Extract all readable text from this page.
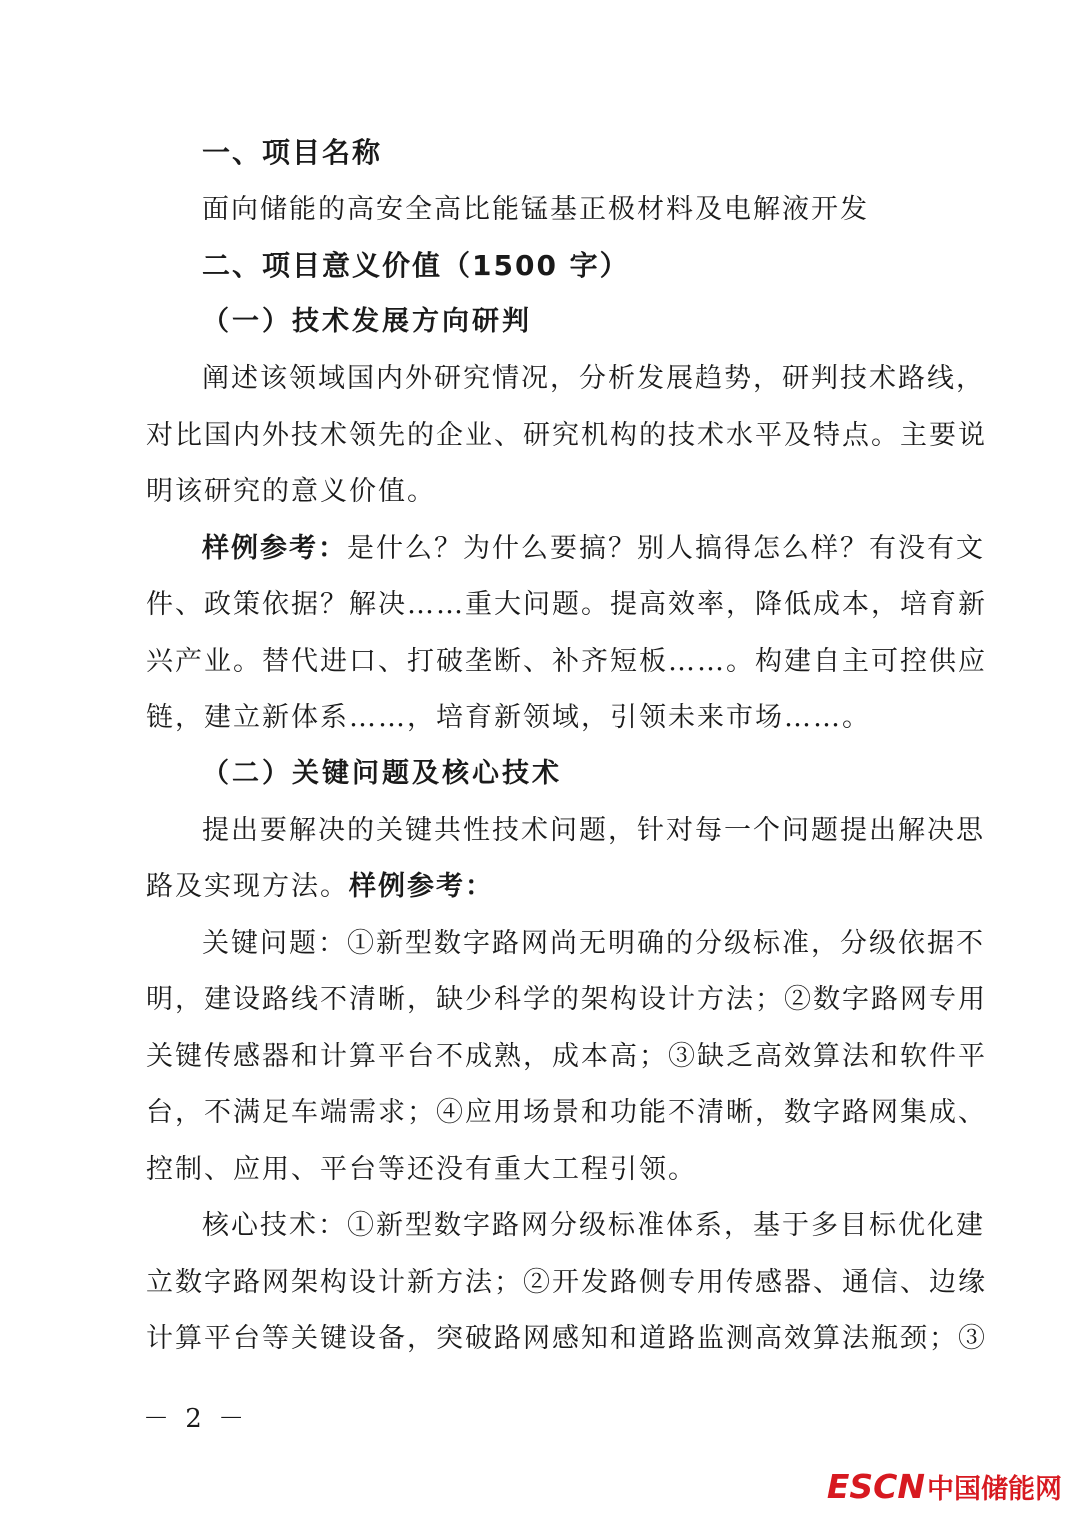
一、项目名称
面向储能的高安全高比能锰基正极材料及电解液开发
二、项目意义价值（1500 字）
（一）技术发展方向研判
阐述该领域国内外研究情况，分析发展趋势，研判技术路线，
对比国内外技术领先的企业、研究机构的技术水平及特点。主要说
明该研究的意义价值。
样例参考：是什么？为什么要搞？别人搞得怎么样？有没有文
件、政策依据？解决……重大问题。提高效率，降低成本，培育新
兴产业。替代进口、打破垄断、补齐短板……。构建自主可控供应
链，建立新体系……，培育新领域，引领未来市场……。
（二）关键问题及核心技术
提出要解决的关键共性技术问题，针对每一个问题提出解决思
路及实现方法。样例参考：
关键问题：①新型数字路网尚无明确的分级标准，分级依据不
明，建设路线不清晰，缺少科学的架构设计方法；②数字路网专用
关键传感器和计算平台不成熟，成本高；③缺乏高效算法和软件平
台，不满足车端需求；④应用场景和功能不清晰，数字路网集成、
控制、应用、平台等还没有重大工程引领。
核心技术：①新型数字路网分级标准体系，基于多目标优化建
立数字路网架构设计新方法；②开发路侧专用传感器、通信、边缘
计算平台等关键设备，突破路网感知和道路监测高效算法瓶颈；③
－ 2 －
ESCN 中国储能网
